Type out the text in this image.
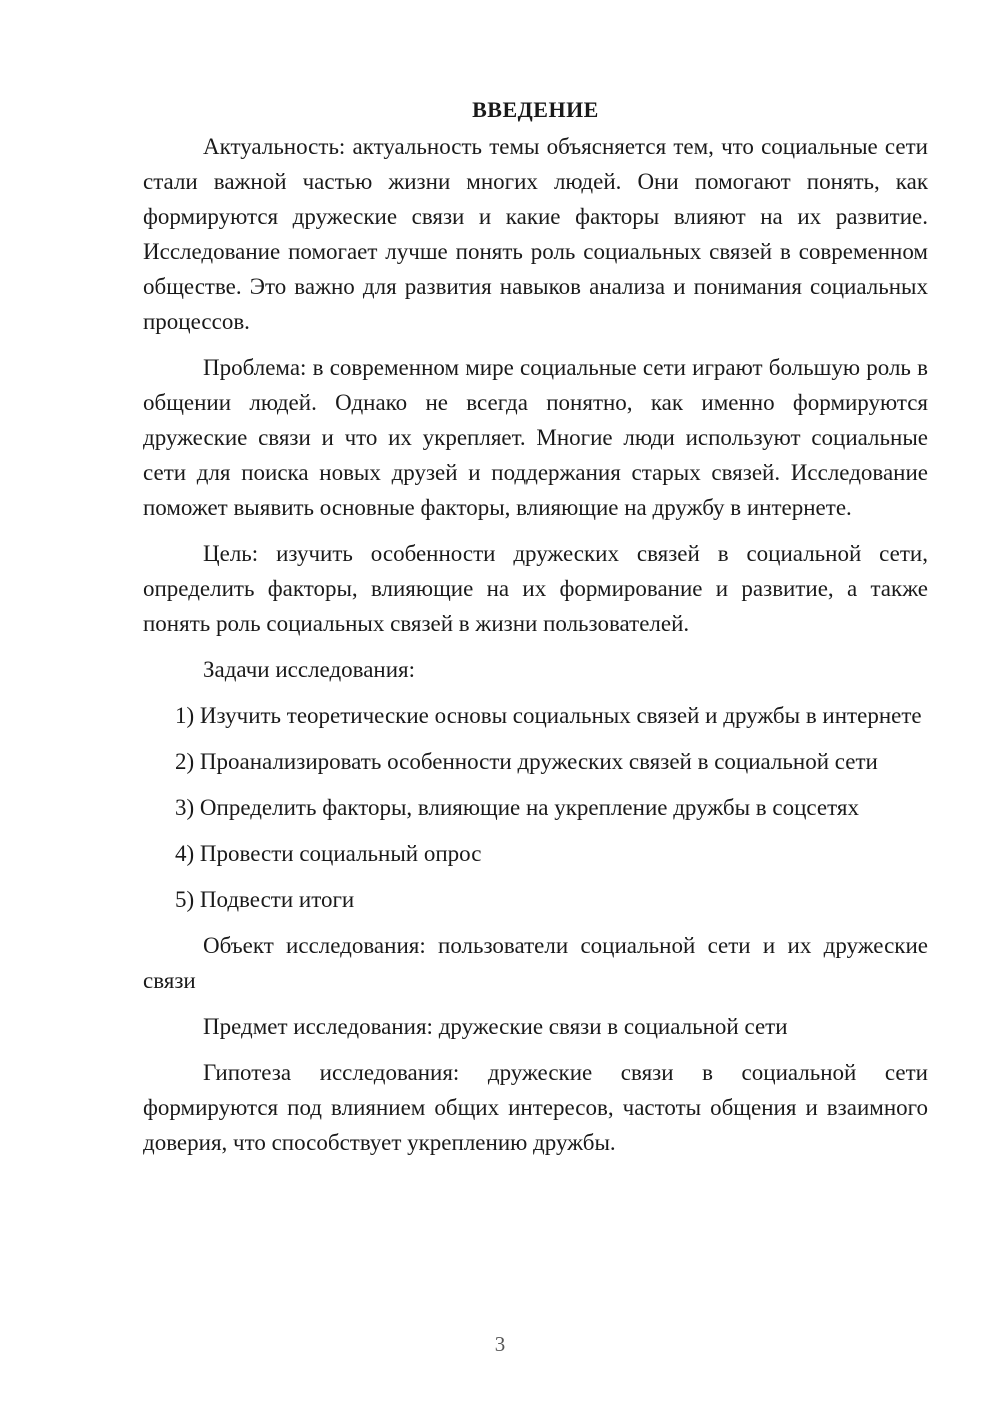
ВВЕДЕНИЕ

Актуальность: актуальность темы объясняется тем, что социальные сети стали важной частью жизни многих людей. Они помогают понять, как формируются дружеские связи и какие факторы влияют на их развитие. Исследование помогает лучше понять роль социальных связей в современном обществе. Это важно для развития навыков анализа и понимания социальных процессов.

Проблема: в современном мире социальные сети играют большую роль в общении людей. Однако не всегда понятно, как именно формируются дружеские связи и что их укрепляет. Многие люди используют социальные сети для поиска новых друзей и поддержания старых связей. Исследование поможет выявить основные факторы, влияющие на дружбу в интернете.

Цель: изучить особенности дружеских связей в социальной сети, определить факторы, влияющие на их формирование и развитие, а также понять роль социальных связей в жизни пользователей.

Задачи исследования:

1) Изучить теоретические основы социальных связей и дружбы в интернете

2) Проанализировать особенности дружеских связей в социальной сети

3) Определить факторы, влияющие на укрепление дружбы в соцсетях

4) Провести социальный опрос

5) Подвести итоги

Объект исследования: пользователи социальной сети и их дружеские связи

Предмет исследования: дружеские связи в социальной сети

Гипотеза исследования: дружеские связи в социальной сети формируются под влиянием общих интересов, частоты общения и взаимного доверия, что способствует укреплению дружбы.

3
